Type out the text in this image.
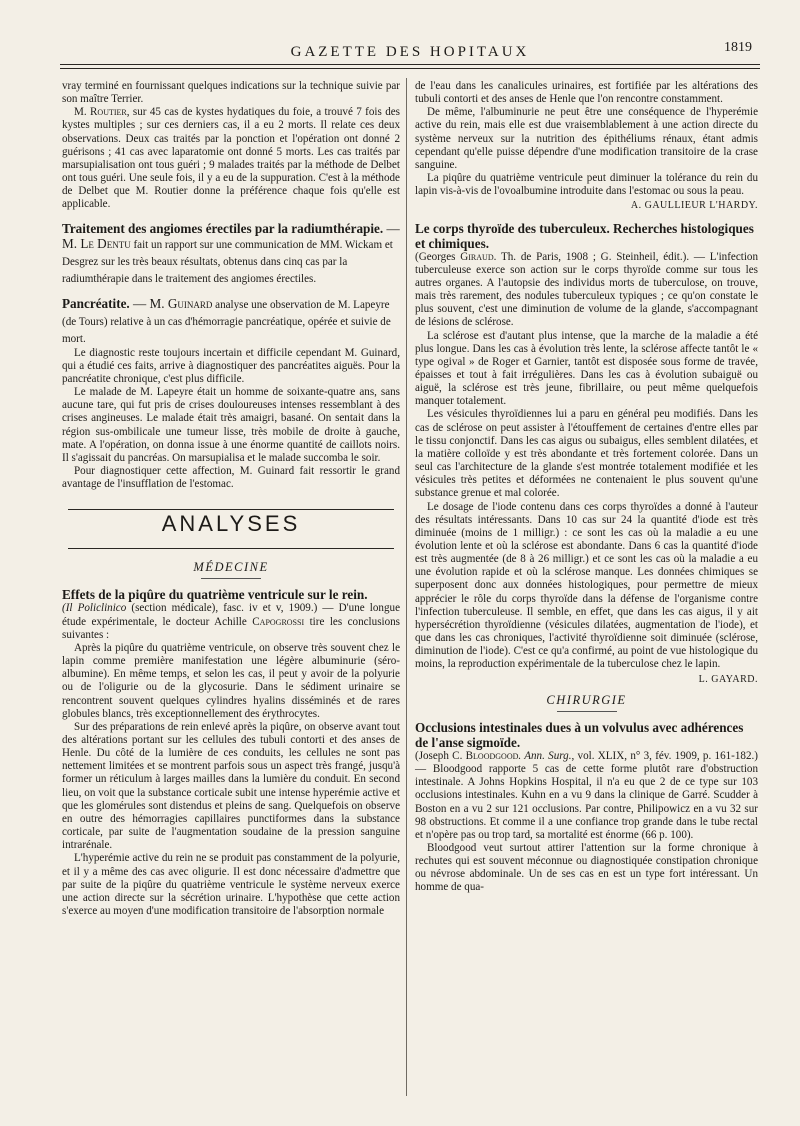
GAZETTE DES HOPITAUX	1819

vray terminé en fournissant quelques indications sur la technique suivie par son maître Terrier.

M. Routier, sur 45 cas de kystes hydatiques du foie, a trouvé 7 fois des kystes multiples ; sur ces derniers cas, il a eu 2 morts. Il relate ces deux observations. Deux cas traités par la ponction et l'opération ont donné 2 guérisons ; 41 cas avec laparatomie ont donné 5 morts. Les cas traités par marsupialisation ont tous guéri ; 9 malades traités par la méthode de Delbet ont tous guéri. Une seule fois, il y a eu de la suppuration. C'est à la méthode de Delbet que M. Routier donne la préférence chaque fois qu'elle est applicable.

Traitement des angiomes érectiles par la radiumthérapie. — M. Le Dentu fait un rapport sur une communication de MM. Wickam et Desgrez sur les très beaux résultats, obtenus dans cinq cas par la radiumthérapie dans le traitement des angiomes érectiles.
Pancréatite. — M. Guinard analyse une observation de M. Lapeyre (de Tours) relative à un cas d'hémorragie pancréatique, opérée et suivie de mort.

Le diagnostic reste toujours incertain et difficile cependant M. Guinard, qui a étudié ces faits, arrive à diagnostiquer des pancréatites aiguës. Pour la pancréatite chronique, c'est plus difficile.

Le malade de M. Lapeyre était un homme de soixante-quatre ans, sans aucune tare, qui fut pris de crises douloureuses intenses ressemblant à des crises angineuses. Le malade était très amaigri, basané. On sentait dans la région sus-ombilicale une tumeur lisse, très mobile de droite à gauche, mate. A l'opération, on donna issue à une énorme quantité de caillots noirs. Il s'agissait du pancréas. On marsupialisa et le malade succomba le soir.

Pour diagnostiquer cette affection, M. Guinard fait ressortir le grand avantage de l'insufflation de l'estomac.

ANALYSES
MÉDECINE
Effets de la piqûre du quatrième ventricule sur le rein.

(Il Policlinico (section médicale), fasc. iv et v, 1909.) — D'une longue étude expérimentale, le docteur Achille Capogrossi tire les conclusions suivantes :

Après la piqûre du quatrième ventricule, on observe très souvent chez le lapin comme première manifestation une légère albuminurie (séro-albumine). En même temps, et selon les cas, il peut y avoir de la polyurie ou de l'oligurie ou de la glycosurie. Dans le sédiment urinaire se rencontrent souvent quelques cylindres hyalins disséminés et de rares globules blancs, très exceptionnellement des érythrocytes.

Sur des préparations de rein enlevé après la piqûre, on observe avant tout des altérations portant sur les cellules des tubuli contorti et des anses de Henle. Du côté de la lumière de ces conduits, les cellules ne sont pas nettement limitées et se montrent parfois sous un aspect très frangé, jusqu'à former un réticulum à larges mailles dans la lumière du conduit. En second lieu, on voit que la substance corticale subit une intense hyperémie active et que les glomérules sont distendus et pleins de sang. Quelquefois on observe en outre des hémorragies capillaires punctiformes dans la substance corticale, par suite de l'augmentation soudaine de la pression sanguine intrarénale.

L'hyperémie active du rein ne se produit pas constamment de la polyurie, et il y a même des cas avec oligurie. Il est donc nécessaire d'admettre que par suite de la piqûre du quatrième ventricule le système nerveux exerce une action directe sur la sécrétion urinaire. L'hypothèse que cette action s'exerce au moyen d'une modification transitoire de l'absorption normale

de l'eau dans les canalicules urinaires, est fortifiée par les altérations des tubuli contorti et des anses de Henle que l'on rencontre constamment.

De même, l'albuminurie ne peut être une conséquence de l'hyperémie active du rein, mais elle est due vraisemblablement à une action directe du système nerveux sur la nutrition des épithéliums rénaux, étant admis cependant qu'elle puisse dépendre d'une modification transitoire de la crase sanguine.

La piqûre du quatrième ventricule peut diminuer la tolérance du rein du lapin vis-à-vis de l'ovoalbumine introduite dans l'estomac ou sous la peau.

A. GAULLIEUR L'HARDY.
Le corps thyroïde des tuberculeux. Recherches histologiques et chimiques.

(Georges Giraud. Th. de Paris, 1908 ; G. Steinheil, édit.). — L'infection tuberculeuse exerce son action sur le corps thyroïde comme sur tous les autres organes. A l'autopsie des individus morts de tuberculose, on trouve, mais très rarement, des nodules tuberculeux typiques ; ce qu'on constate le plus souvent, c'est une diminution de volume de la glande, s'accompagnant de lésions de sclérose.

La sclérose est d'autant plus intense, que la marche de la maladie a été plus longue. Dans les cas à évolution très lente, la sclérose affecte tantôt le « type ogival » de Roger et Garnier, tantôt est disposée sous forme de travée, épaisses et tout à fait irrégulières. Dans les cas à évolution subaiguë ou aiguë, la sclérose est très jeune, fibrillaire, ou peut même quelquefois manquer totalement.

Les vésicules thyroïdiennes lui a paru en général peu modifiés. Dans les cas de sclérose on peut assister à l'étouffement de certaines d'entre elles par le tissu conjonctif. Dans les cas aigus ou subaigus, elles semblent dilatées, et la matière colloïde y est très abondante et très fortement colorée. Dans un seul cas l'architecture de la glande s'est montrée totalement modifiée et les vésicules très petites et déformées ne contenaient le plus souvent qu'une substance grenue et mal colorée.

Le dosage de l'iode contenu dans ces corps thyroïdes a donné à l'auteur des résultats intéressants. Dans 10 cas sur 24 la quantité d'iode est très diminuée (moins de 1 milligr.) : ce sont les cas où la maladie a eu une évolution lente et où la sclérose est abondante. Dans 6 cas la quantité d'iode est très augmentée (de 8 à 26 milligr.) et ce sont les cas où la maladie a eu une évolution rapide et où la sclérose manque. Les données chimiques se superposent donc aux données histologiques, pour permettre de mieux apprécier le rôle du corps thyroïde dans la défense de l'organisme contre l'infection tuberculeuse. Il semble, en effet, que dans les cas aigus, il y ait hypersécrétion thyroïdienne (vésicules dilatées, augmentation de l'iode), et que dans les cas chroniques, l'activité thyroïdienne soit diminuée (sclérose, diminution de l'iode). C'est ce qu'a confirmé, au point de vue histologique du moins, la reproduction expérimentale de la tuberculose chez le lapin.

L. GAYARD.
CHIRURGIE
Occlusions intestinales dues à un volvulus avec adhérences de l'anse sigmoïde.

(Joseph C. Bloodgood. Ann. Surg., vol. XLIX, n° 3, fév. 1909, p. 161-182.) — Bloodgood rapporte 5 cas de cette forme plutôt rare d'obstruction intestinale. A Johns Hopkins Hospital, il n'a eu que 2 de ce type sur 103 occlusions intestinales. Kuhn en a vu 9 dans la clinique de Garré. Scudder à Boston en a vu 2 sur 121 occlusions. Par contre, Philipowicz en a vu 32 sur 98 obstructions. Et comme il a une confiance trop grande dans le tube rectal et n'opère pas ou trop tard, sa mortalité est énorme (66 p. 100).

Bloodgood veut surtout attirer l'attention sur la forme chronique à rechutes qui est souvent méconnue ou diagnostiquée constipation chronique ou névrose abdominale. Un de ses cas en est un type fort intéressant. Un homme de qua-
